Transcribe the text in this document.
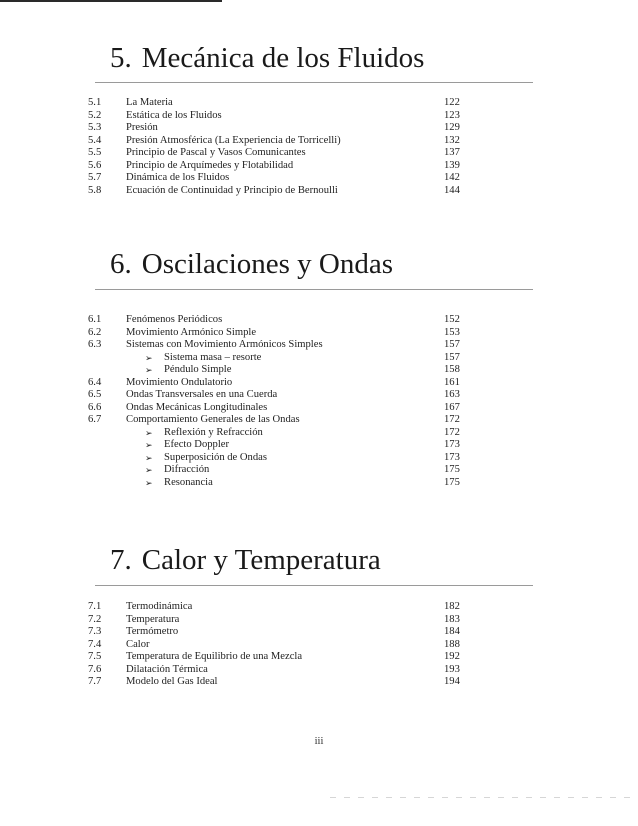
5. Mecánica de los Fluidos
5.1 La Materia	122
5.2 Estática de los Fluidos	123
5.3 Presión	129
5.4 Presión Atmosférica (La Experiencia de Torricelli)	132
5.5 Principio de Pascal y Vasos Comunicantes	137
5.6 Principio de Arquímedes y Flotabilidad	139
5.7 Dinámica de los Fluidos	142
5.8 Ecuación de Continuidad y Principio de Bernoulli	144
6. Oscilaciones y Ondas
6.1 Fenómenos Periódicos	152
6.2 Movimiento Armónico Simple	153
6.3 Sistemas con Movimiento Armónicos Simples	157
➢ Sistema masa – resorte	157
➢ Péndulo Simple	158
6.4 Movimiento Ondulatorio	161
6.5 Ondas Transversales en una Cuerda	163
6.6 Ondas Mecánicas Longitudinales	167
6.7 Comportamiento Generales de las Ondas	172
➢ Reflexión y Refracción	172
➢ Efecto Doppler	173
➢ Superposición de Ondas	173
➢ Difracción	175
➢ Resonancia	175
7. Calor y Temperatura
7.1 Termodinámica	182
7.2 Temperatura	183
7.3 Termómetro	184
7.4 Calor	188
7.5 Temperatura de Equilibrio de una Mezcla	192
7.6 Dilatación Térmica	193
7.7 Modelo del Gas Ideal	194
iii
